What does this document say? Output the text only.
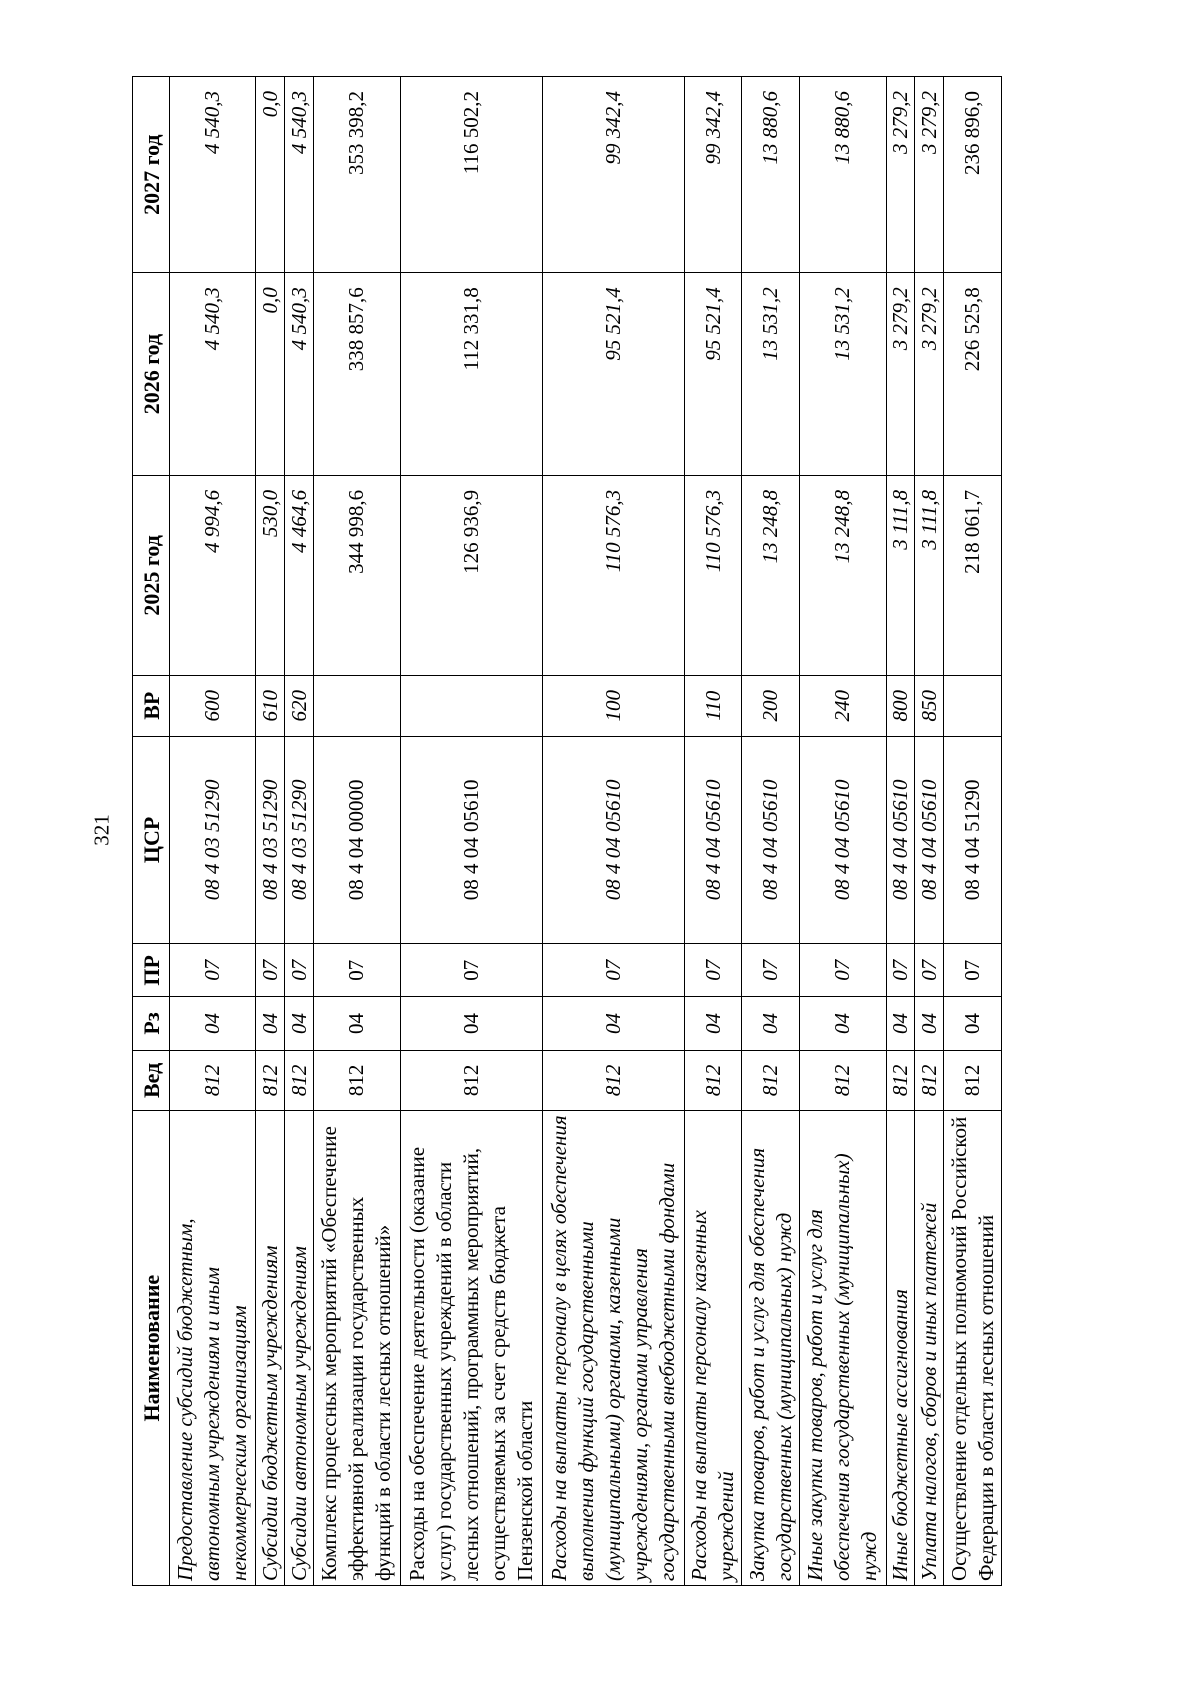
321
Наименование	Вед	Рз	ПР	ЦСР	ВР	2025 год	2026 год	2027 год
Предоставление субсидий бюджетным, автономным учреждениям и иным некоммерческим организациям	812	04	07	08 4 03 51290	600	4 994,6	4 540,3	4 540,3
Субсидии бюджетным учреждениям	812	04	07	08 4 03 51290	610	530,0	0,0	0,0
Субсидии автономным учреждениям	812	04	07	08 4 03 51290	620	4 464,6	4 540,3	4 540,3
Комплекс процессных мероприятий «Обеспечение эффективной реализации государственных функций в области лесных отношений»	812	04	07	08 4 04 00000		344 998,6	338 857,6	353 398,2
Расходы на обеспечение деятельности (оказание услуг) государственных учреждений в области лесных отношений, программных мероприятий, осуществляемых за счет средств бюджета Пензенской области	812	04	07	08 4 04 05610		126 936,9	112 331,8	116 502,2
Расходы на выплаты персоналу в целях обеспечения выполнения функций государственными (муниципальными) органами, казенными учреждениями, органами управления государственными внебюджетными фондами	812	04	07	08 4 04 05610	100	110 576,3	95 521,4	99 342,4
Расходы на выплаты персоналу казенных учреждений	812	04	07	08 4 04 05610	110	110 576,3	95 521,4	99 342,4
Закупка товаров, работ и услуг для обеспечения государственных (муниципальных) нужд	812	04	07	08 4 04 05610	200	13 248,8	13 531,2	13 880,6
Иные закупки товаров, работ и услуг для обеспечения государственных (муниципальных) нужд	812	04	07	08 4 04 05610	240	13 248,8	13 531,2	13 880,6
Иные бюджетные ассигнования	812	04	07	08 4 04 05610	800	3 111,8	3 279,2	3 279,2
Уплата налогов, сборов и иных платежей	812	04	07	08 4 04 05610	850	3 111,8	3 279,2	3 279,2
Осуществление отдельных полномочий Российской Федерации в области лесных отношений	812	04	07	08 4 04 51290		218 061,7	226 525,8	236 896,0
